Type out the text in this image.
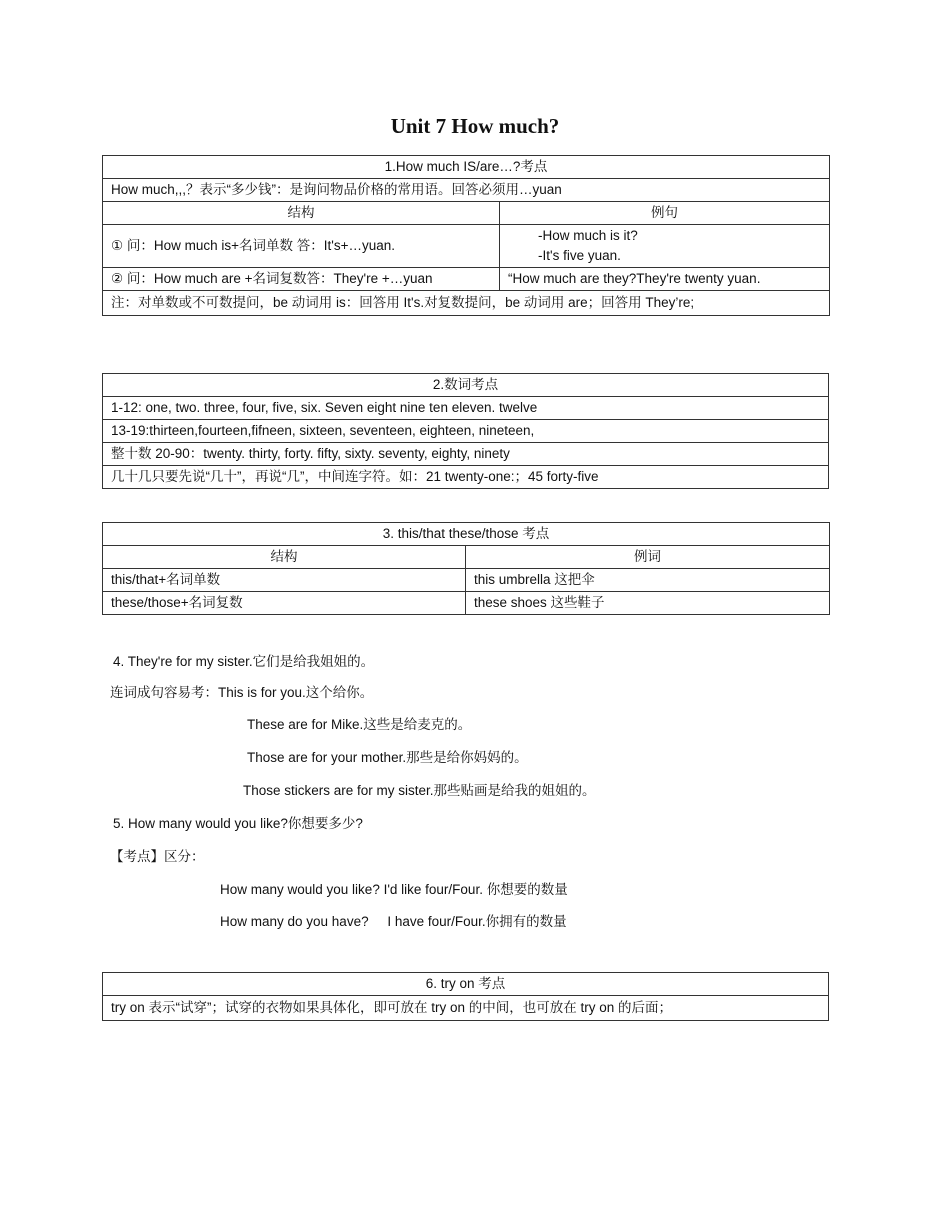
Unit 7 How much?
1.How much IS/are…?考点	
How much,,,？表示“多少钱”：是询问物品价格的常用语。回答必须用…yuan	
结构	例句
① 问：How much is+名词单数 答：It's+…yuan.	-How much is it?
-It's five yuan.

② 问：How much are +名词复数答：They're +…yuan	“How much are they?They're twenty yuan.
注：对单数或不可数提问，be 动词用 is：回答用 It's.对复数提问，be 动词用 are；回答用 They’re;	
2.数词考点
1-12: one, two. three, four, five, six. Seven eight nine ten eleven. twelve
13-19:thirteen,fourteen,fifneen, sixteen, seventeen, eighteen, nineteen,
整十数 20-90：twenty. thirty, forty. fifty, sixty. seventy, eighty, ninety
几十几只要先说“几十”，再说“几”，中间连字符。如：21 twenty-one:；45 forty-five
3. this/that these/those 考点	
结构	例词
this/that+名词单数	this umbrella 这把伞
these/those+名词复数	these shoes 这些鞋子
4. They're for my sister.它们是给我姐姐的。
连词成句容易考：This is for you.这个给你。
These are for Mike.这些是给麦克的。
Those are for your mother.那些是给你妈妈的。
Those stickers are for my sister.那些贴画是给我的姐姐的。
5. How many would you like?你想要多少?
【考点】区分：
How many would you like? I'd like four/Four. 你想要的数量
How many do you have?     I have four/Four.你拥有的数量
6. try on 考点
try on 表示“试穿”；试穿的衣物如果具体化，即可放在 try on 的中间，也可放在 try on 的后面；
